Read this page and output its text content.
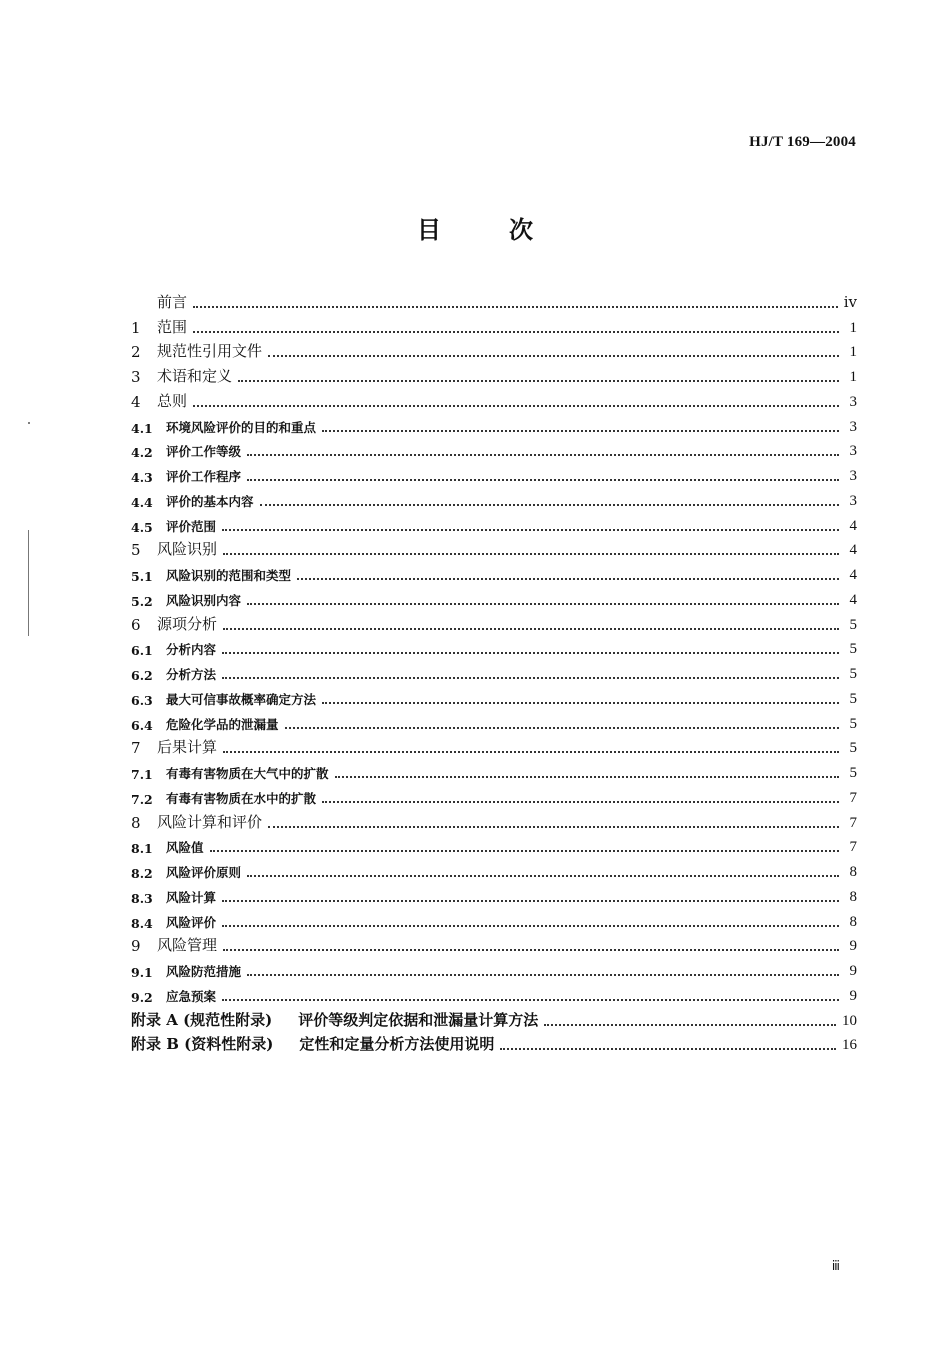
HJ/T 169—2004
目	次
前言	ⅳ
1	范围	1
2	规范性引用文件	1
3	术语和定义	1
4	总则	3
4.1	环境风险评价的目的和重点	3
4.2	评价工作等级	3
4.3	评价工作程序	3
4.4	评价的基本内容	3
4.5	评价范围	4
5	风险识别	4
5.1	风险识别的范围和类型	4
5.2	风险识别内容	4
6	源项分析	5
6.1	分析内容	5
6.2	分析方法	5
6.3	最大可信事故概率确定方法	5
6.4	危险化学品的泄漏量	5
7	后果计算	5
7.1	有毒有害物质在大气中的扩散	5
7.2	有毒有害物质在水中的扩散	7
8	风险计算和评价	7
8.1	风险值	7
8.2	风险评价原则	8
8.3	风险计算	8
8.4	风险评价	8
9	风险管理	9
9.1	风险防范措施	9
9.2	应急预案	9
附录 A (规范性附录) 评价等级判定依据和泄漏量计算方法	10
附录 B (资料性附录) 定性和定量分析方法使用说明	16
ⅲ
